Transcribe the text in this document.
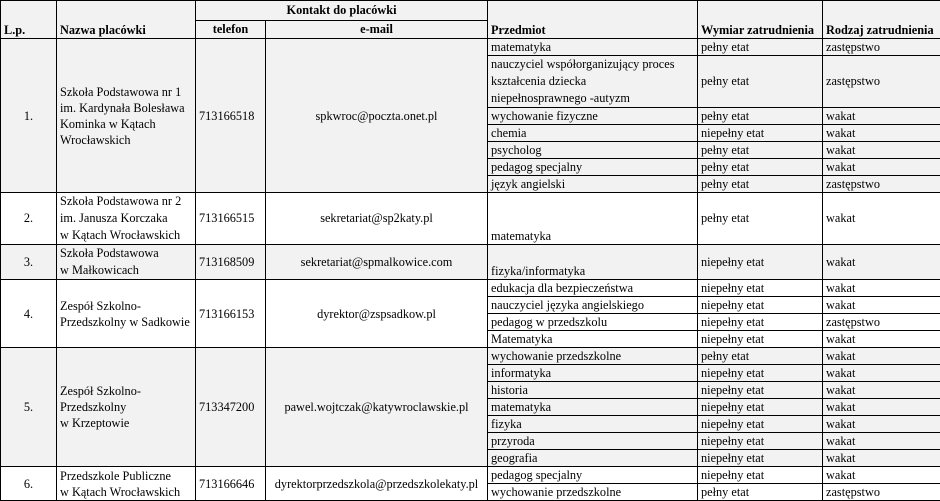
L.p.	Nazwa placówki	Kontakt do placówki		Przedmiot	Wymiar zatrudnienia	Rodzaj zatrudnienia
		telefon	e-mail			
1.	Szkoła Podstawowa nr 1
im. Kardynała Bolesława
Kominka w Kątach
Wrocławskich	713166518	spkwroc@poczta.onet.pl	matematyka	pełny etat	zastępstwo
				nauczyciel współorganizujący proces
kształcenia dziecka
niepełnosprawnego -autyzm	pełny etat	zastępstwo
				wychowanie fizyczne	pełny etat	wakat
				chemia	niepełny etat	wakat
				psycholog	pełny etat	wakat
				pedagog specjalny	pełny etat	wakat
				język angielski	pełny etat	zastępstwo
2.	Szkoła Podstawowa nr 2
im. Janusza Korczaka
w Kątach Wrocławskich	713166515	sekretariat@sp2katy.pl	matematyka	pełny etat	wakat
3.	Szkoła Podstawowa
w Małkowicach	713168509	sekretariat@spmalkowice.com	fizyka/informatyka	niepełny etat	wakat
4.	Zespół Szkolno-
Przedszkolny w Sadkowie	713166153	dyrektor@zspsadkow.pl	edukacja dla bezpieczeństwa	niepełny etat	wakat
				nauczyciel języka angielskiego	niepełny etat	wakat
				pedagog w przedszkolu	niepełny etat	zastępstwo
				Matematyka	niepełny etat	wakat
5.	Zespół Szkolno-
Przedszkolny
w Krzeptowie	713347200	pawel.wojtczak@katywroclawskie.pl	wychowanie przedszkolne	pełny etat	wakat
				informatyka	niepełny etat	wakat
				historia	niepełny etat	wakat
				matematyka	niepełny etat	wakat
				fizyka	niepełny etat	wakat
				przyroda	niepełny etat	wakat
				geografia	niepełny etat	wakat
6.	Przedszkole Publiczne
w Kątach Wrocławskich	713166646	dyrektorprzedszkola@przedszkolekaty.pl	pedagog specjalny	niepełny etat	wakat
				wychowanie przedszkolne	pełny etat	zastępstwo
